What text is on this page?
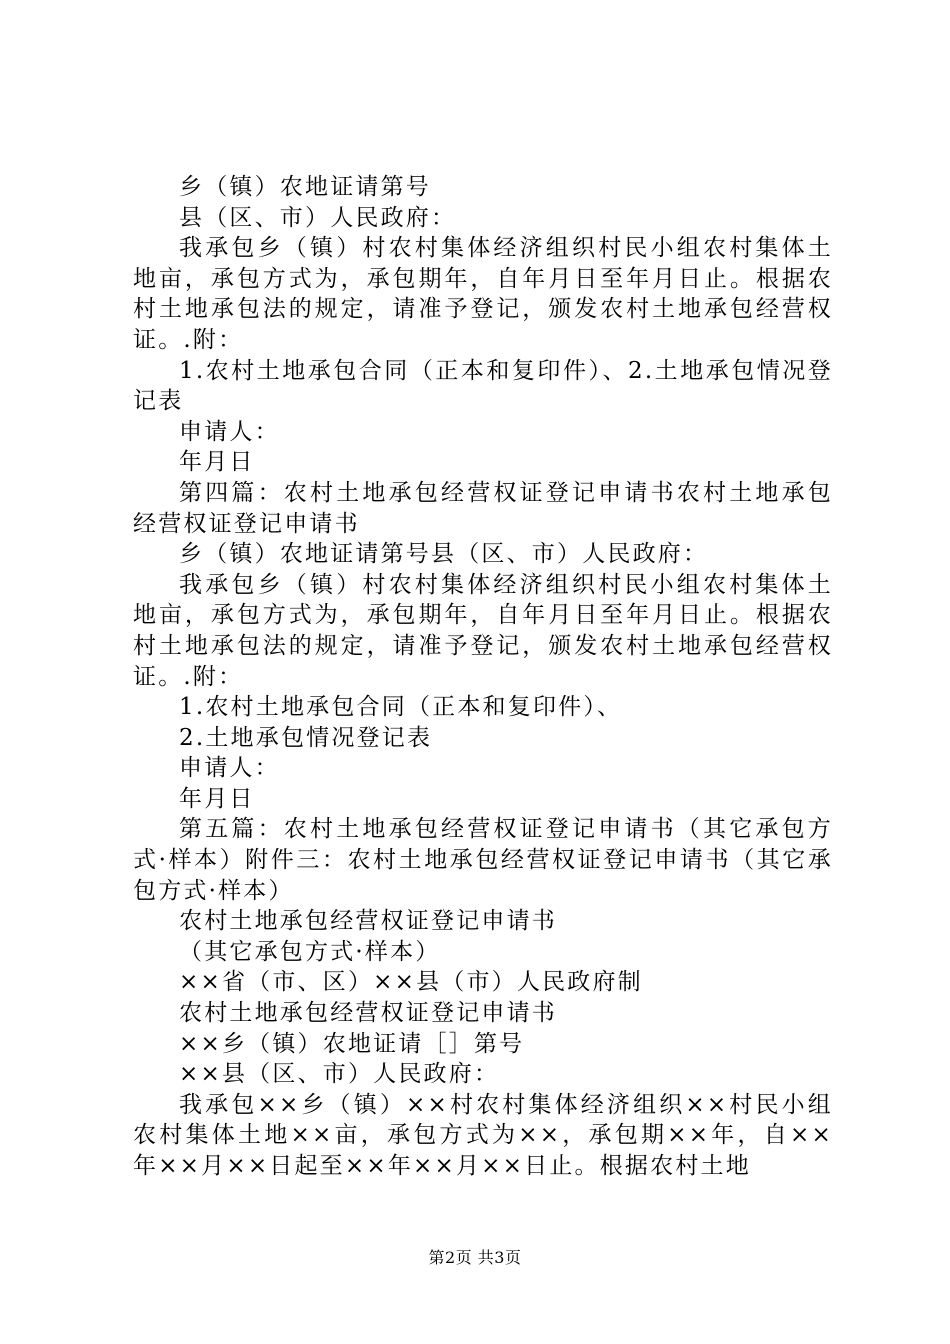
乡（镇）农地证请第号

县（区、市）人民政府：

我承包乡（镇）村农村集体经济组织村民小组农村集体土地亩，承包方式为，承包期年，自年月日至年月日止。根据农村土地承包法的规定，请准予登记，颁发农村土地承包经营权证。.附：

1.农村土地承包合同（正本和复印件）、2.土地承包情况登记表

申请人：

年月日

第四篇：农村土地承包经营权证登记申请书农村土地承包经营权证登记申请书

乡（镇）农地证请第号县（区、市）人民政府：

我承包乡（镇）村农村集体经济组织村民小组农村集体土地亩，承包方式为，承包期年，自年月日至年月日止。根据农村土地承包法的规定，请准予登记，颁发农村土地承包经营权证。.附：

1.农村土地承包合同（正本和复印件）、

2.土地承包情况登记表

申请人：

年月日

第五篇：农村土地承包经营权证登记申请书（其它承包方式·样本）附件三：农村土地承包经营权证登记申请书（其它承包方式·样本）

农村土地承包经营权证登记申请书

（其它承包方式·样本）

××省（市、区）××县（市）人民政府制

农村土地承包经营权证登记申请书

××乡（镇）农地证请［］第号

××县（区、市）人民政府：

我承包××乡（镇）××村农村集体经济组织××村民小组农村集体土地××亩，承包方式为××，承包期××年，自××年××月××日起至××年××月××日止。根据农村土地

第2页 共3页
